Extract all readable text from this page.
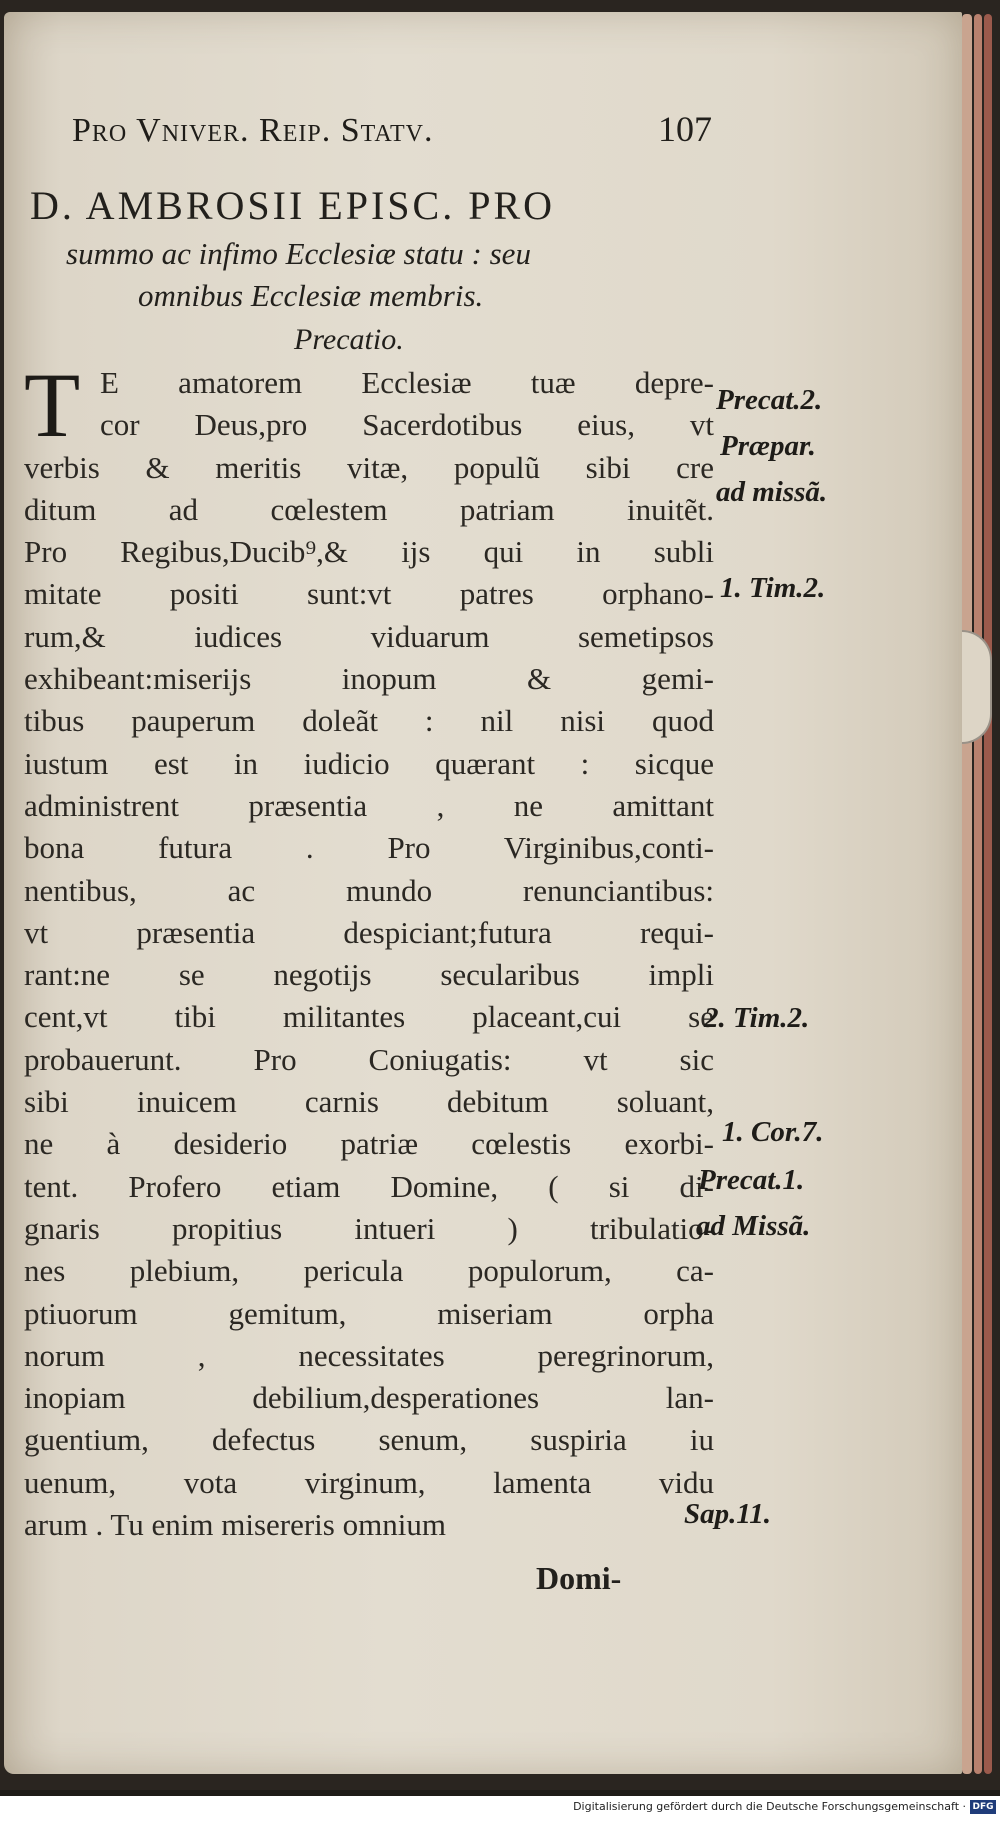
Pro Vniver. Reip. Statv.	107
D. AMBROSII EPISC. PRO
summo ac infimo Ecclesiæ statu : seu
omnibus Ecclesiæ membris.
Precatio.
T E amatorem Ecclesiæ tuæ depre-
cor Deus,pro Sacerdotibus eius, vt
verbis & meritis vitæ, populũ sibi cre
ditum ad cœlestem patriam inuitẽt.
Pro Regibus,Ducib⁹,& ijs qui in subli
mitate positi sunt:vt patres orphano-
rum,& iudices viduarum semetipsos
exhibeant:miserijs inopum & gemi-
tibus pauperum doleãt : nil nisi quod
iustum est in iudicio quærant : sicque
administrent præsentia , ne amittant
bona futura . Pro Virginibus,conti-
nentibus, ac mundo renunciantibus:
vt præsentia despiciant;futura requi-
rant:ne se negotijs secularibus impli
cent,vt tibi militantes placeant,cui se
probauerunt. Pro Coniugatis: vt sic
sibi inuicem carnis debitum soluant,
ne à desiderio patriæ cœlestis exorbi-
tent. Profero etiam Domine, ( si di-
gnaris propitius intueri ) tribulatio-
nes plebium, pericula populorum, ca-
ptiuorum gemitum, miseriam orpha
norum , necessitates peregrinorum,
inopiam debilium,desperationes lan-
guentium, defectus senum, suspiria iu
uenum, vota virginum, lamenta vidu
arum . Tu enim misereris omnium
Domi-
Precat.2.
Præpar.
ad missã.
1. Tim.2.
2. Tim.2.
1. Cor.7.
Precat.1.
ad Missã.
Sap.11.
Digitalisierung gefördert durch die Deutsche Forschungsgemeinschaft · DFG
